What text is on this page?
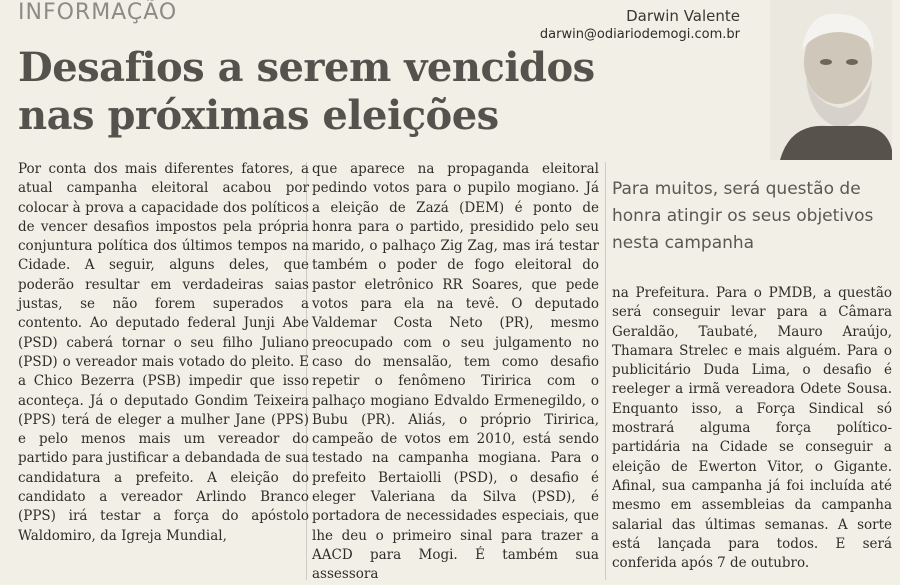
INFORMAÇÃO
Desafios a serem vencidos
nas próximas eleições
Darwin Valente
darwin@odiariodemogi.com.br

Por conta dos mais diferentes fatores, a atual campanha eleitoral acabou por colocar à prova a capacidade dos políticos de vencer desafios impostos pela própria conjuntura política dos últimos tempos na Cidade. A seguir, alguns deles, que poderão resultar em verdadeiras saias justas, se não forem superados a contento. Ao deputado federal Junji Abe (PSD) caberá tornar o seu filho Juliano (PSD) o vereador mais votado do pleito. E a Chico Bezerra (PSB) impedir que isso aconteça. Já o deputado Gondim Teixeira (PPS) terá de eleger a mulher Jane (PPS) e pelo menos mais um vereador do partido para justificar a debandada de sua candidatura a prefeito. A eleição do candidato a vereador Arlindo Branco (PPS) irá testar a força do apóstolo Waldomiro, da Igreja Mundial,

que aparece na propaganda eleitoral pedindo votos para o pupilo mogiano. Já a eleição de Zazá (DEM) é ponto de honra para o partido, presidido pelo seu marido, o palhaço Zig Zag, mas irá testar também o poder de fogo eleitoral do pastor eletrônico RR Soares, que pede votos para ela na tevê. O deputado Valdemar Costa Neto (PR), mesmo preocupado com o seu julgamento no caso do mensalão, tem como desafio repetir o fenômeno Tiririca com o palhaço mogiano Edvaldo Ermenegildo, o Bubu (PR). Aliás, o próprio Tiririca, campeão de votos em 2010, está sendo testado na campanha mogiana. Para o prefeito Bertaiolli (PSD), o desafio é eleger Valeriana da Silva (PSD), é portadora de necessidades especiais, que lhe deu o primeiro sinal para trazer a AACD para Mogi. É também sua assessora

Para muitos, será questão de honra atingir os seus objetivos nesta campanha

na Prefeitura. Para o PMDB, a questão será conseguir levar para a Câmara Geraldão, Taubaté, Mauro Araújo, Thamara Strelec e mais alguém. Para o publicitário Duda Lima, o desafio é reeleger a irmã vereadora Odete Sousa. Enquanto isso, a Força Sindical só mostrará alguma força político-partidária na Cidade se conseguir a eleição de Ewerton Vitor, o Gigante. Afinal, sua campanha já foi incluída até mesmo em assembleias da campanha salarial das últimas semanas. A sorte está lançada para todos. E será conferida após 7 de outubro.
